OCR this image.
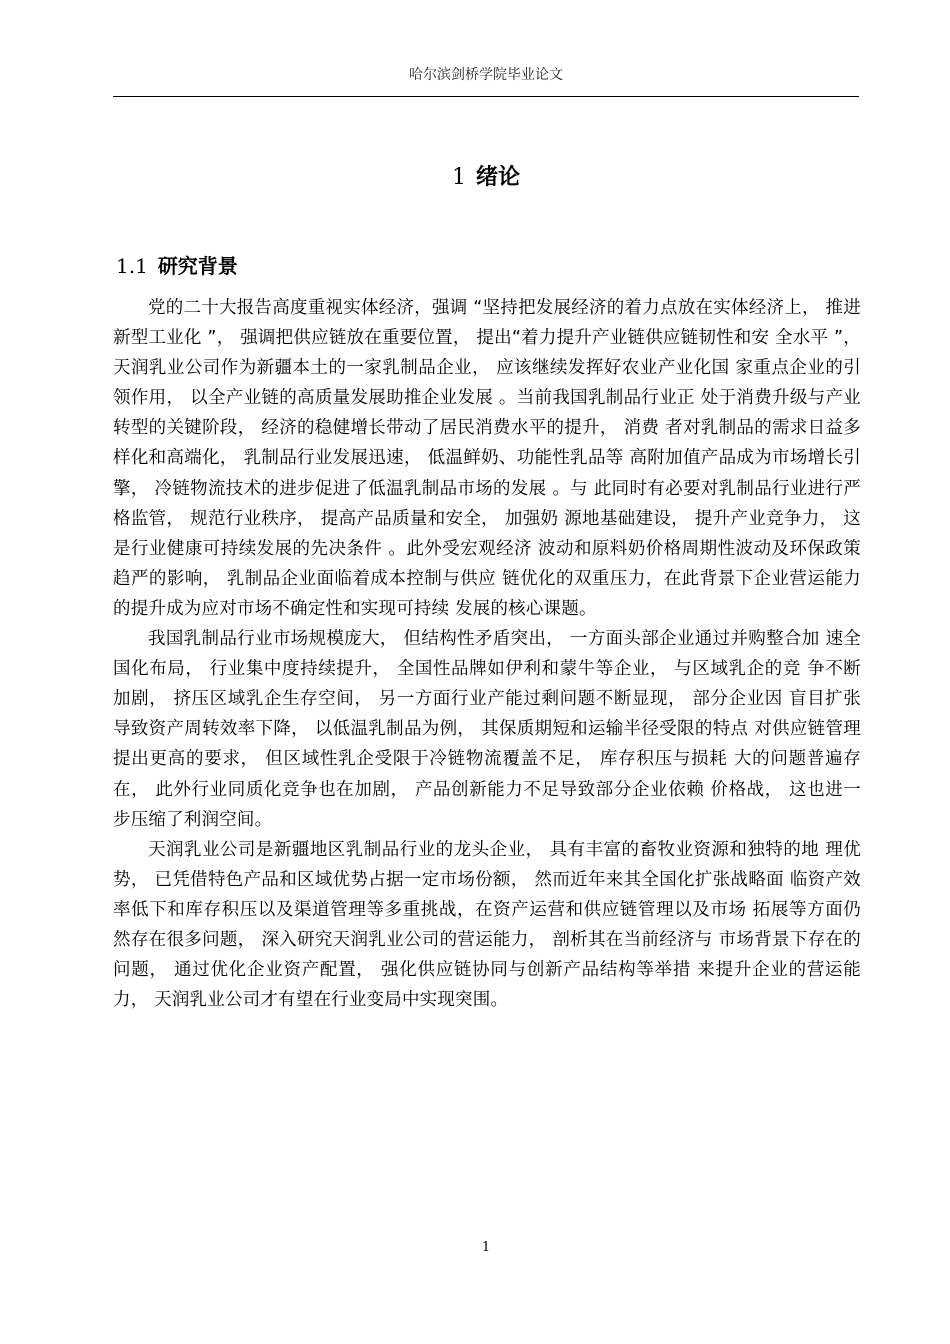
哈尔滨剑桥学院毕业论文
1 绪论
1.1 研究背景

党的二十大报告高度重视实体经济，强调 “坚持把发展经济的着力点放在实体经济上， 推进新型工业化 ”， 强调把供应链放在重要位置， 提出“着力提升产业链供应链韧性和安 全水平 ”， 天润乳业公司作为新疆本土的一家乳制品企业， 应该继续发挥好农业产业化国 家重点企业的引领作用， 以全产业链的高质量发展助推企业发展 。当前我国乳制品行业正 处于消费升级与产业转型的关键阶段， 经济的稳健增长带动了居民消费水平的提升， 消费 者对乳制品的需求日益多样化和高端化， 乳制品行业发展迅速， 低温鲜奶、功能性乳品等 高附加值产品成为市场增长引擎， 冷链物流技术的进步促进了低温乳制品市场的发展 。与 此同时有必要对乳制品行业进行严格监管， 规范行业秩序， 提高产品质量和安全， 加强奶 源地基础建设， 提升产业竞争力， 这是行业健康可持续发展的先决条件 。此外受宏观经济 波动和原料奶价格周期性波动及环保政策趋严的影响， 乳制品企业面临着成本控制与供应 链优化的双重压力，在此背景下企业营运能力的提升成为应对市场不确定性和实现可持续 发展的核心课题。

我国乳制品行业市场规模庞大， 但结构性矛盾突出， 一方面头部企业通过并购整合加 速全国化布局， 行业集中度持续提升， 全国性品牌如伊利和蒙牛等企业， 与区域乳企的竞 争不断加剧， 挤压区域乳企生存空间， 另一方面行业产能过剩问题不断显现， 部分企业因 盲目扩张导致资产周转效率下降， 以低温乳制品为例， 其保质期短和运输半径受限的特点 对供应链管理提出更高的要求， 但区域性乳企受限于冷链物流覆盖不足， 库存积压与损耗 大的问题普遍存在， 此外行业同质化竞争也在加剧， 产品创新能力不足导致部分企业依赖 价格战， 这也进一步压缩了利润空间。

天润乳业公司是新疆地区乳制品行业的龙头企业， 具有丰富的畜牧业资源和独特的地 理优势， 已凭借特色产品和区域优势占据一定市场份额， 然而近年来其全国化扩张战略面 临资产效率低下和库存积压以及渠道管理等多重挑战，在资产运营和供应链管理以及市场 拓展等方面仍然存在很多问题， 深入研究天润乳业公司的营运能力， 剖析其在当前经济与 市场背景下存在的问题， 通过优化企业资产配置， 强化供应链协同与创新产品结构等举措 来提升企业的营运能力， 天润乳业公司才有望在行业变局中实现突围。

1
